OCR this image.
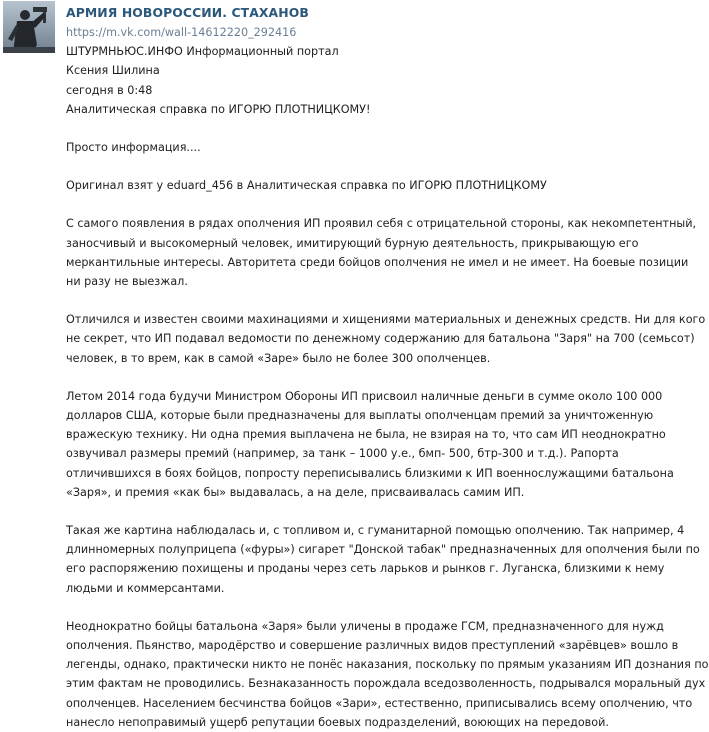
АРМИЯ НОВОРОССИИ. СТАХАНОВ
https://m.vk.com/wall-14612220_292416
ШТУРМНЬЮС.ИНФО Информационный портал
Ксения Шилина
сегодня в 0:48
Аналитическая справка по ИГОРЮ ПЛОТНИЦКОМУ!
Просто информация....
Оригинал взят у eduard_456 в Аналитическая справка по ИГОРЮ ПЛОТНИЦКОМУ
С самого появления в рядах ополчения ИП проявил себя с отрицательной стороны, как некомпетентный,
заносчивый и высокомерный человек, имитирующий бурную деятельность, прикрывающую его
меркантильные интересы. Авторитета среди бойцов ополчения не имел и не имеет. На боевые позиции
ни разу не выезжал.
Отличился и известен своими махинациями и хищениями материальных и денежных средств. Ни для кого
не секрет, что ИП подавал ведомости по денежному содержанию для батальона "Заря" на 700 (семьсот)
человек, в то врем, как в самой «Заре» было не более 300 ополченцев.
Летом 2014 года будучи Министром Обороны ИП присвоил наличные деньги в сумме около 100 000
долларов США, которые были предназначены для выплаты ополченцам премий за уничтоженную
вражескую технику. Ни одна премия выплачена не была, не взирая на то, что сам ИП неоднократно
озвучивал размеры премий (например, за танк – 1000 у.е., бмп- 500, бтр-300 и т.д.). Рапорта
отличившихся в боях бойцов, попросту переписывались близкими к ИП военнослужащими батальона
«Заря», и премия «как бы» выдавалась, а на деле, присваивалась самим ИП.
Такая же картина наблюдалась и, с топливом и, с гуманитарной помощью ополчению. Так например, 4
длинномерных полуприцепа («фуры») сигарет "Донской табак" предназначенных для ополчения были по
его распоряжению похищены и проданы через сеть ларьков и рынков г. Луганска, близкими к нему
людьми и коммерсантами.
Неоднократно бойцы батальона «Заря» были уличены в продаже ГСМ, предназначенного для нужд
ополчения. Пьянство, мародёрство и совершение различных видов преступлений «зарёвцев» вошло в
легенды, однако, практически никто не понёс наказания, поскольку по прямым указаниям ИП дознания по
этим фактам не проводились. Безнаказанность порождала вседозволенность, подрывался моральный дух
ополченцев. Населением бесчинства бойцов «Зари», естественно, приписывались всему ополчению, что
нанесло непоправимый ущерб репутации боевых подразделений, воюющих на передовой.
